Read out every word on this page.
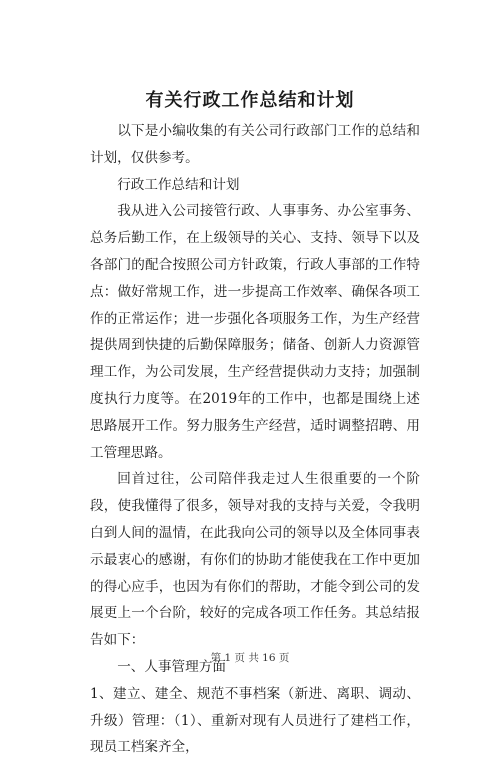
有关行政工作总结和计划

以下是小编收集的有关公司行政部门工作的总结和计划，仅供参考。

行政工作总结和计划

我从进入公司接管行政、人事事务、办公室事务、总务后勤工作，在上级领导的关心、支持、领导下以及各部门的配合按照公司方针政策，行政人事部的工作特点：做好常规工作，进一步提高工作效率、确保各项工作的正常运作；进一步强化各项服务工作，为生产经营提供周到快捷的后勤保障服务；储备、创新人力资源管理工作，为公司发展，生产经营提供动力支持；加强制度执行力度等。在2019年的工作中，也都是围绕上述思路展开工作。努力服务生产经营，适时调整招聘、用工管理思路。

回首过往，公司陪伴我走过人生很重要的一个阶段，使我懂得了很多，领导对我的支持与关爱，令我明白到人间的温情，在此我向公司的领导以及全体同事表示最衷心的感谢，有你们的协助才能使我在工作中更加的得心应手，也因为有你们的帮助，才能令到公司的发展更上一个台阶，较好的完成各项工作任务。其总结报告如下：

一、人事管理方面

1、建立、建全、规范不事档案（新进、离职、调动、升级）管理：（1）、重新对现有人员进行了建档工作，现员工档案齐全，

第 1 页 共 16 页
